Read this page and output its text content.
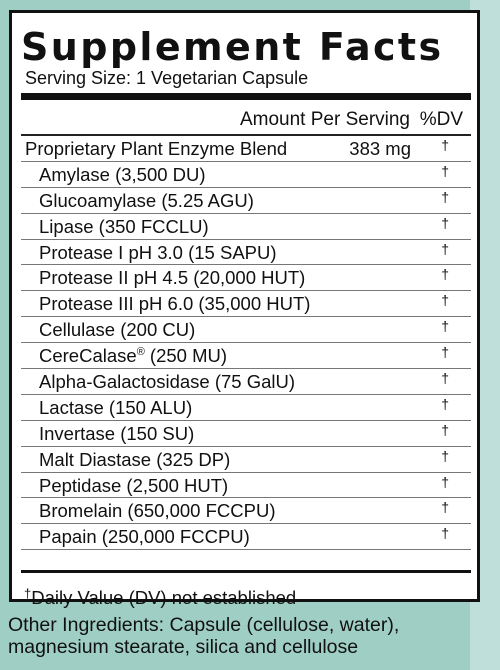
Supplement Facts
Serving Size: 1 Vegetarian Capsule
Amount Per Serving %DV
Proprietary Plant Enzyme Blend	383 mg †
Amylase (3,500 DU)	†
Glucoamylase (5.25 AGU)	†
Lipase (350 FCCLU)	†
Protease I pH 3.0 (15 SAPU)	†
Protease II pH 4.5 (20,000 HUT)	†
Protease III pH 6.0 (35,000 HUT)	†
Cellulase (200 CU)	†
CereCalase® (250 MU)	†
Alpha-Galactosidase (75 GalU)	†
Lactase (150 ALU)	†
Invertase (150 SU)	†
Malt Diastase (325 DP)	†
Peptidase (2,500 HUT)	†
Bromelain (650,000 FCCPU)	†
Papain (250,000 FCCPU)	†
†Daily Value (DV) not established

Other Ingredients: Capsule (cellulose, water), magnesium stearate, silica and cellulose
